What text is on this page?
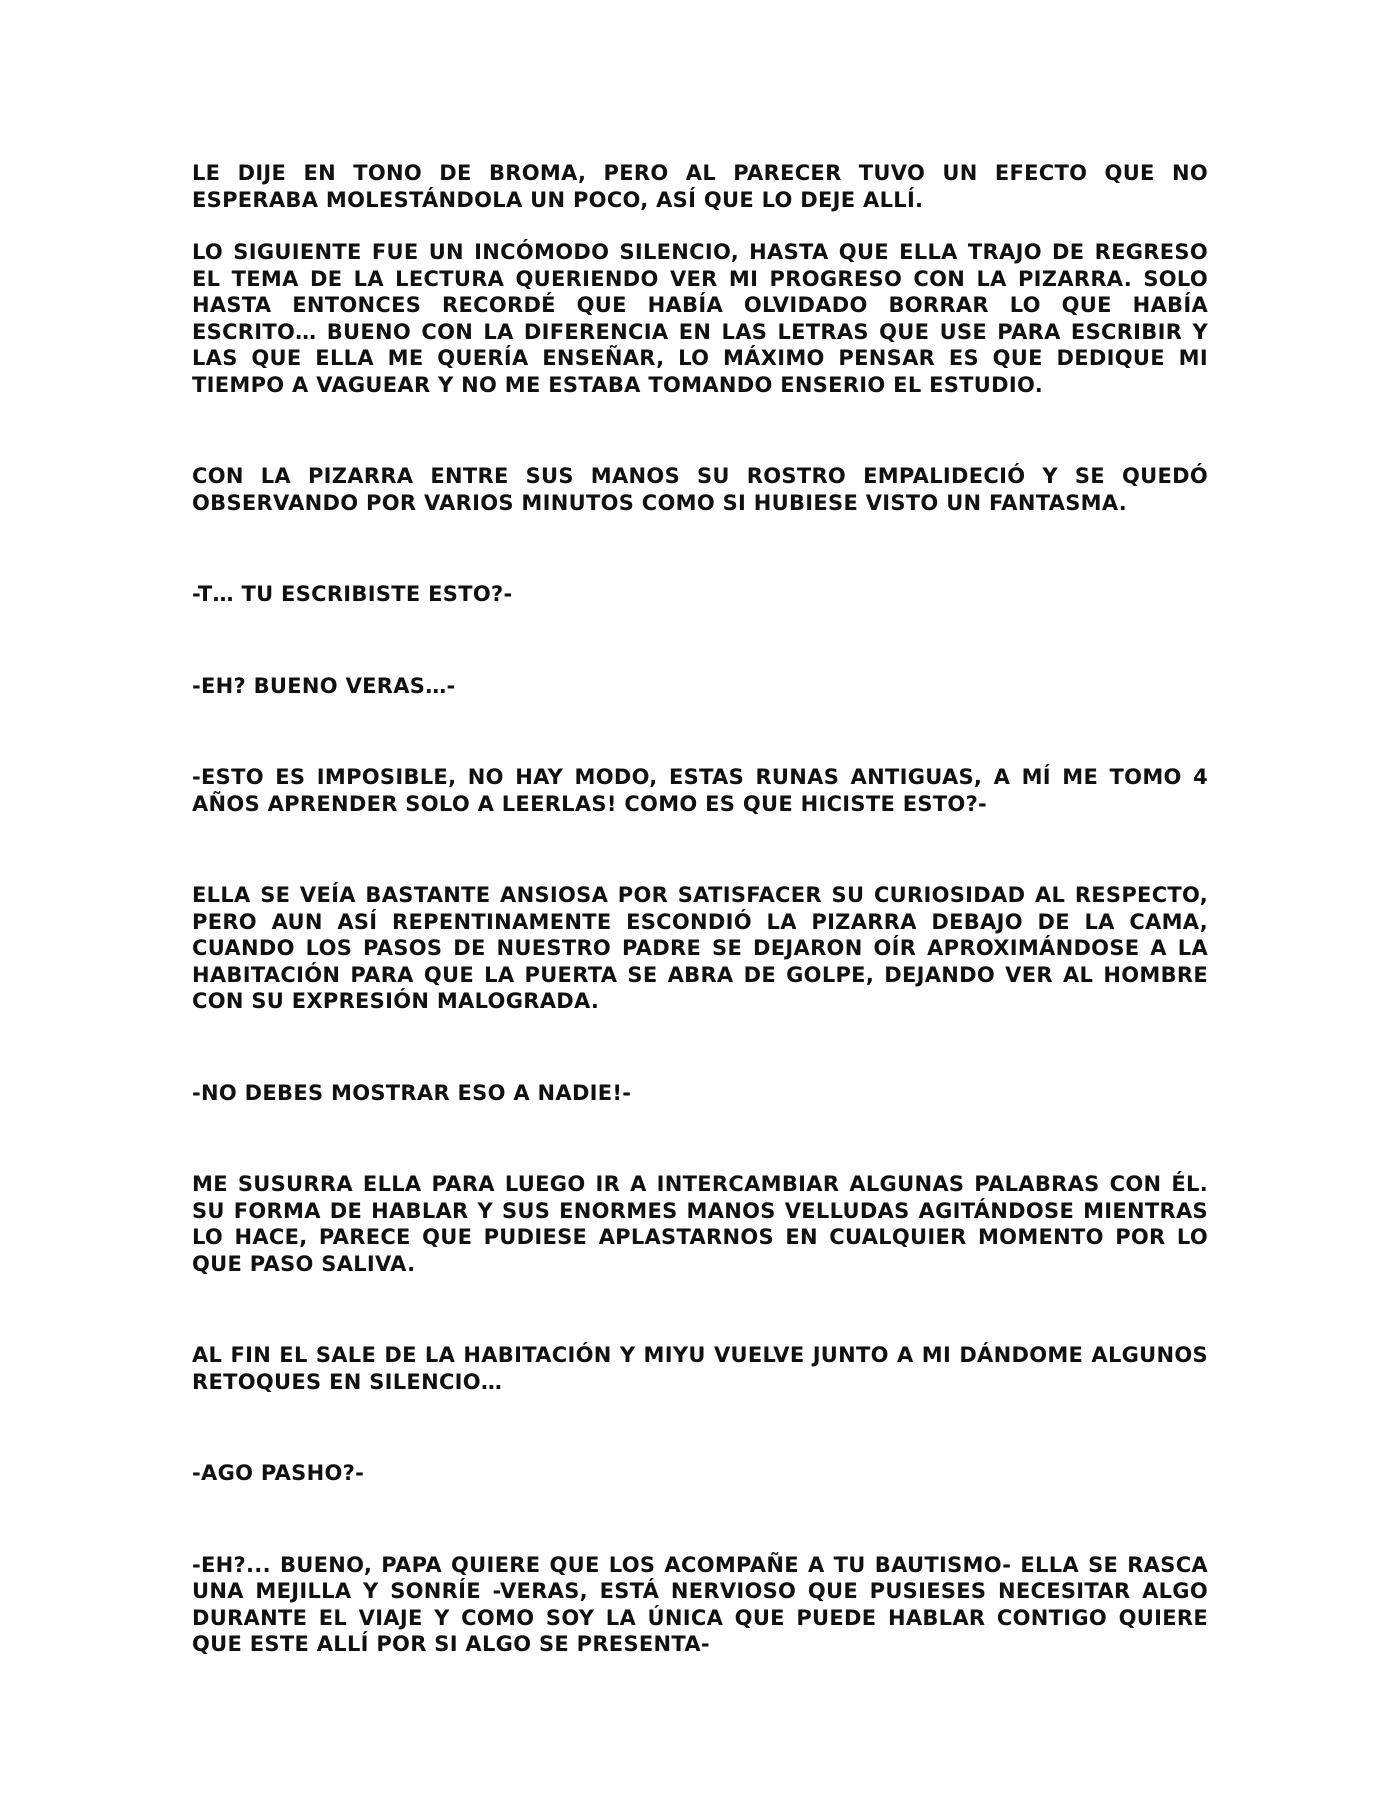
LE DIJE EN TONO DE BROMA, PERO AL PARECER TUVO UN EFECTO QUE NO ESPERABA MOLESTÁNDOLA UN POCO, ASÍ QUE LO DEJE ALLÍ.

LO SIGUIENTE FUE UN INCÓMODO SILENCIO, HASTA QUE ELLA TRAJO DE REGRESO EL TEMA DE LA LECTURA QUERIENDO VER MI PROGRESO CON LA PIZARRA. SOLO HASTA ENTONCES RECORDÉ QUE HABÍA OLVIDADO BORRAR LO QUE HABÍA ESCRITO… BUENO CON LA DIFERENCIA EN LAS LETRAS QUE USE PARA ESCRIBIR Y LAS QUE ELLA ME QUERÍA ENSEÑAR, LO MÁXIMO PENSAR ES QUE DEDIQUE MI TIEMPO A VAGUEAR Y NO ME ESTABA TOMANDO ENSERIO EL ESTUDIO.

CON LA PIZARRA ENTRE SUS MANOS SU ROSTRO EMPALIDECIÓ Y SE QUEDÓ OBSERVANDO POR VARIOS MINUTOS COMO SI HUBIESE VISTO UN FANTASMA.

-T… TU ESCRIBISTE ESTO?-

-EH? BUENO VERAS…-

-ESTO ES IMPOSIBLE, NO HAY MODO, ESTAS RUNAS ANTIGUAS, A MÍ ME TOMO 4 AÑOS APRENDER SOLO A LEERLAS! COMO ES QUE HICISTE ESTO?-

ELLA SE VEÍA BASTANTE ANSIOSA POR SATISFACER SU CURIOSIDAD AL RESPECTO, PERO AUN ASÍ REPENTINAMENTE ESCONDIÓ LA PIZARRA DEBAJO DE LA CAMA, CUANDO LOS PASOS DE NUESTRO PADRE SE DEJARON OÍR APROXIMÁNDOSE A LA HABITACIÓN PARA QUE LA PUERTA SE ABRA DE GOLPE, DEJANDO VER AL HOMBRE CON SU EXPRESIÓN MALOGRADA.

-NO DEBES MOSTRAR ESO A NADIE!-

ME SUSURRA ELLA PARA LUEGO IR A INTERCAMBIAR ALGUNAS PALABRAS CON ÉL. SU FORMA DE HABLAR Y SUS ENORMES MANOS VELLUDAS AGITÁNDOSE MIENTRAS LO HACE, PARECE QUE PUDIESE APLASTARNOS EN CUALQUIER MOMENTO POR LO QUE PASO SALIVA.

AL FIN EL SALE DE LA HABITACIÓN Y MIYU VUELVE JUNTO A MI DÁNDOME ALGUNOS RETOQUES EN SILENCIO…

-AGO PASHO?-

-EH?... BUENO, PAPA QUIERE QUE LOS ACOMPAÑE A TU BAUTISMO- ELLA SE RASCA UNA MEJILLA Y SONRÍE -VERAS, ESTÁ NERVIOSO QUE PUSIESES NECESITAR ALGO DURANTE EL VIAJE Y COMO SOY LA ÚNICA QUE PUEDE HABLAR CONTIGO QUIERE QUE ESTE ALLÍ POR SI ALGO SE PRESENTA-
